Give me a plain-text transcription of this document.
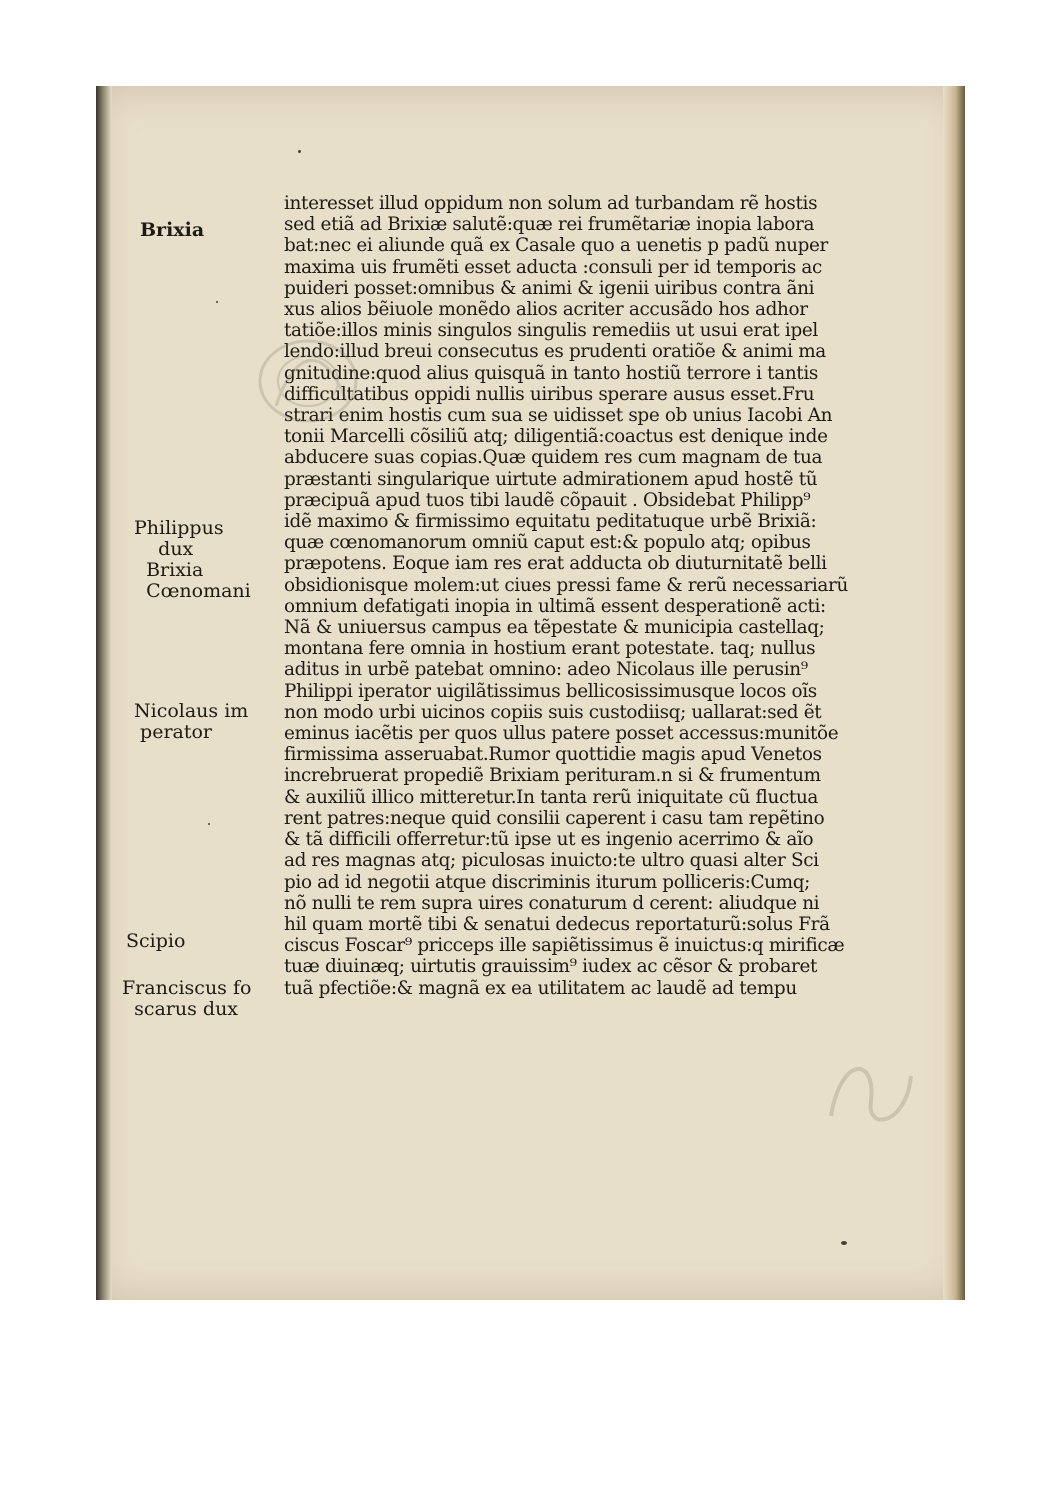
Brixia
Philippus
dux
Brixia
Cœnomani
Nicolaus im
perator
Scipio
Franciscus fo
scarus dux
interesset illud oppidum non solum ad turbandam rẽ hostis
sed etiã ad Brixiæ salutẽ:quæ rei frumẽtariæ inopia labora
bat:nec ei aliunde quã ex Casale quo a uenetis p padũ nuper
maxima uis frumẽti esset aducta :consuli per id temporis ac
puideri posset:omnibus & animi & igenii uiribus contra ãni
xus alios bẽiuole monẽdo alios acriter accusãdo hos adhor
tatiõe:illos minis singulos singulis remediis ut usui erat ipel
lendo:illud breui consecutus es prudenti oratiõe & animi ma
gnitudine:quod alius quisquã in tanto hostiũ terrore i tantis
difficultatibus oppidi nullis uiribus sperare ausus esset.Fru
strari enim hostis cum sua se uidisset spe ob unius Iacobi An
tonii Marcelli cõsiliũ atq; diligentiã:coactus est denique inde
abducere suas copias.Quæ quidem res cum magnam de tua
præstanti singularique uirtute admirationem apud hostẽ tũ
præcipuã apud tuos tibi laudẽ cõpauit . Obsidebat Philipp⁹
idẽ maximo & firmissimo equitatu peditatuque urbẽ Brixiã:
quæ cœnomanorum omniũ caput est:& populo atq; opibus
præpotens. Eoque iam res erat adducta ob diuturnitatẽ belli
obsidionisque molem:ut ciues pressi fame & rerũ necessariarũ
omnium defatigati inopia in ultimã essent desperationẽ acti:
Nã & uniuersus campus ea tẽpestate & municipia castellaq;
montana fere omnia in hostium erant potestate. taq; nullus
aditus in urbẽ patebat omnino: adeo Nicolaus ille perusin⁹
Philippi iperator uigilãtissimus bellicosissimusque locos oĩs
non modo urbi uicinos copiis suis custodiisq; uallarat:sed ẽt
eminus iacẽtis per quos ullus patere posset accessus:munitõe
firmissima asseruabat.Rumor quottidie magis apud Venetos
increbruerat propediẽ Brixiam perituram.n si & frumentum
& auxiliũ illico mitteretur.In tanta rerũ iniquitate cũ fluctua
rent patres:neque quid consilii caperent i casu tam repẽtino
& tã difficili offerretur:tũ ipse ut es ingenio acerrimo & aĩo
ad res magnas atq; piculosas inuicto:te ultro quasi alter Sci
pio ad id negotii atque discriminis iturum polliceris:Cumq;
nõ nulli te rem supra uires conaturum d cerent: aliudque ni
hil quam mortẽ tibi & senatui dedecus reportaturũ:solus Frã
ciscus Foscar⁹ pricceps ille sapiẽtissimus ẽ inuictus:q mirificæ
tuæ diuinæq; uirtutis grauissim⁹ iudex ac cẽsor & probaret
tuã pfectiõe:& magnã ex ea utilitatem ac laudẽ ad tempu
